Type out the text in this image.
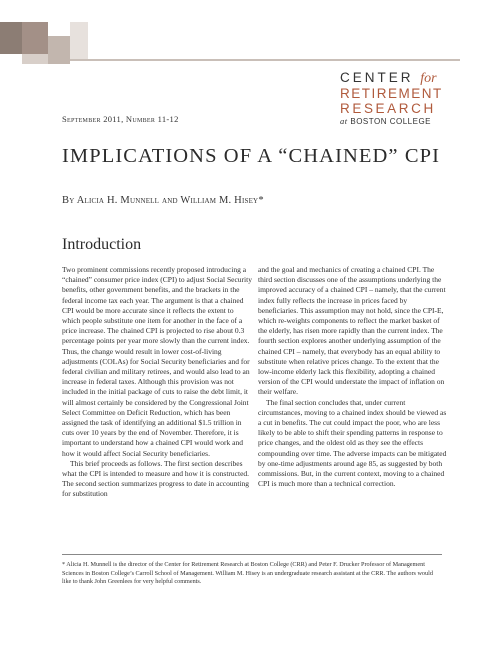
CENTER for
RETIREMENT
RESEARCH
at BOSTON COLLEGE
September 2011, Number 11-12
IMPLICATIONS OF A “CHAINED” CPI
By Alicia H. Munnell and William M. Hisey*
Introduction

Two prominent commissions recently proposed introducing a “chained” consumer price index (CPI) to adjust Social Security benefits, other government benefits, and the brackets in the federal income tax each year. The argument is that a chained CPI would be more accurate since it reflects the extent to which people substitute one item for another in the face of a price increase. The chained CPI is projected to rise about 0.3 percentage points per year more slowly than the current index. Thus, the change would result in lower cost-of-living adjustments (COLAs) for Social Security beneficiaries and for federal civilian and military retirees, and would also lead to an increase in federal taxes. Although this provision was not included in the initial package of cuts to raise the debt limit, it will almost certainly be considered by the Congressional Joint Select Committee on Deficit Reduction, which has been assigned the task of identifying an additional $1.5 trillion in cuts over 10 years by the end of November. Therefore, it is important to understand how a chained CPI would work and how it would affect Social Security beneficiaries.

This brief proceeds as follows. The first section describes what the CPI is intended to measure and how it is constructed. The second section summarizes progress to date in accounting for substitution

and the goal and mechanics of creating a chained CPI. The third section discusses one of the assumptions underlying the improved accuracy of a chained CPI – namely, that the current index fully reflects the increase in prices faced by beneficiaries. This assumption may not hold, since the CPI-E, which re-weights components to reflect the market basket of the elderly, has risen more rapidly than the current index. The fourth section explores another underlying assumption of the chained CPI – namely, that everybody has an equal ability to substitute when relative prices change. To the extent that the low-income elderly lack this flexibility, adopting a chained version of the CPI would understate the impact of inflation on their welfare.

The final section concludes that, under current circumstances, moving to a chained index should be viewed as a cut in benefits. The cut could impact the poor, who are less likely to be able to shift their spending patterns in response to price changes, and the oldest old as they see the effects compounding over time. The adverse impacts can be mitigated by one-time adjustments around age 85, as suggested by both commissions. But, in the current context, moving to a chained CPI is much more than a technical correction.

* Alicia H. Munnell is the director of the Center for Retirement Research at Boston College (CRR) and Peter F. Drucker Professor of Management Sciences in Boston College’s Carroll School of Management. William M. Hisey is an undergraduate research assistant at the CRR. The authors would like to thank John Greenlees for very helpful comments.
